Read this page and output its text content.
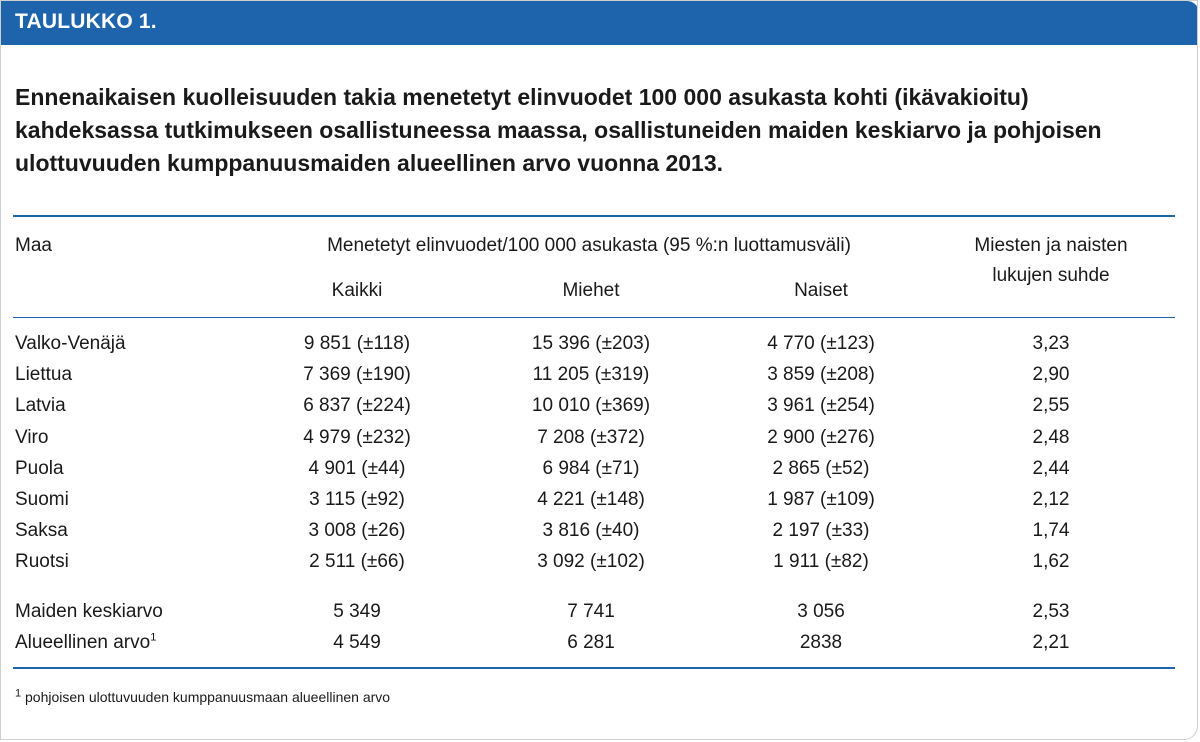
TAULUKKO 1.
Ennenaikaisen kuolleisuuden takia menetetyt elinvuodet 100 000 asukasta kohti (ikävakioitu)
kahdeksassa tutkimukseen osallistuneessa maassa, osallistuneiden maiden keskiarvo ja pohjoisen
ulottuvuuden kumppanuusmaiden alueellinen arvo vuonna 2013.
Maa	Menetetyt elinvuodet/100 000 asukasta (95 %:n luottamusväli)
Kaikki	Miehet	Naiset
Miesten ja naisten
lukujen suhde
Valko-Venäjä	9 851 (±118)	15 396 (±203)	4 770 (±123)	3,23
Liettua	7 369 (±190)	11 205 (±319)	3 859 (±208)	2,90
Latvia	6 837 (±224)	10 010 (±369)	3 961 (±254)	2,55
Viro	4 979 (±232)	7 208 (±372)	2 900 (±276)	2,48
Puola	4 901 (±44)	6 984 (±71)	2 865 (±52)	2,44
Suomi	3 115 (±92)	4 221 (±148)	1 987 (±109)	2,12
Saksa	3 008 (±26)	3 816 (±40)	2 197 (±33)	1,74
Ruotsi	2 511 (±66)	3 092 (±102)	1 911 (±82)	1,62
Maiden keskiarvo	5 349	7 741	3 056	2,53
Alueellinen arvo$^1$	4 549	6 281	2838	2,21
$^1$ pohjoisen ulottuvuuden kumppanuusmaan alueellinen arvo
